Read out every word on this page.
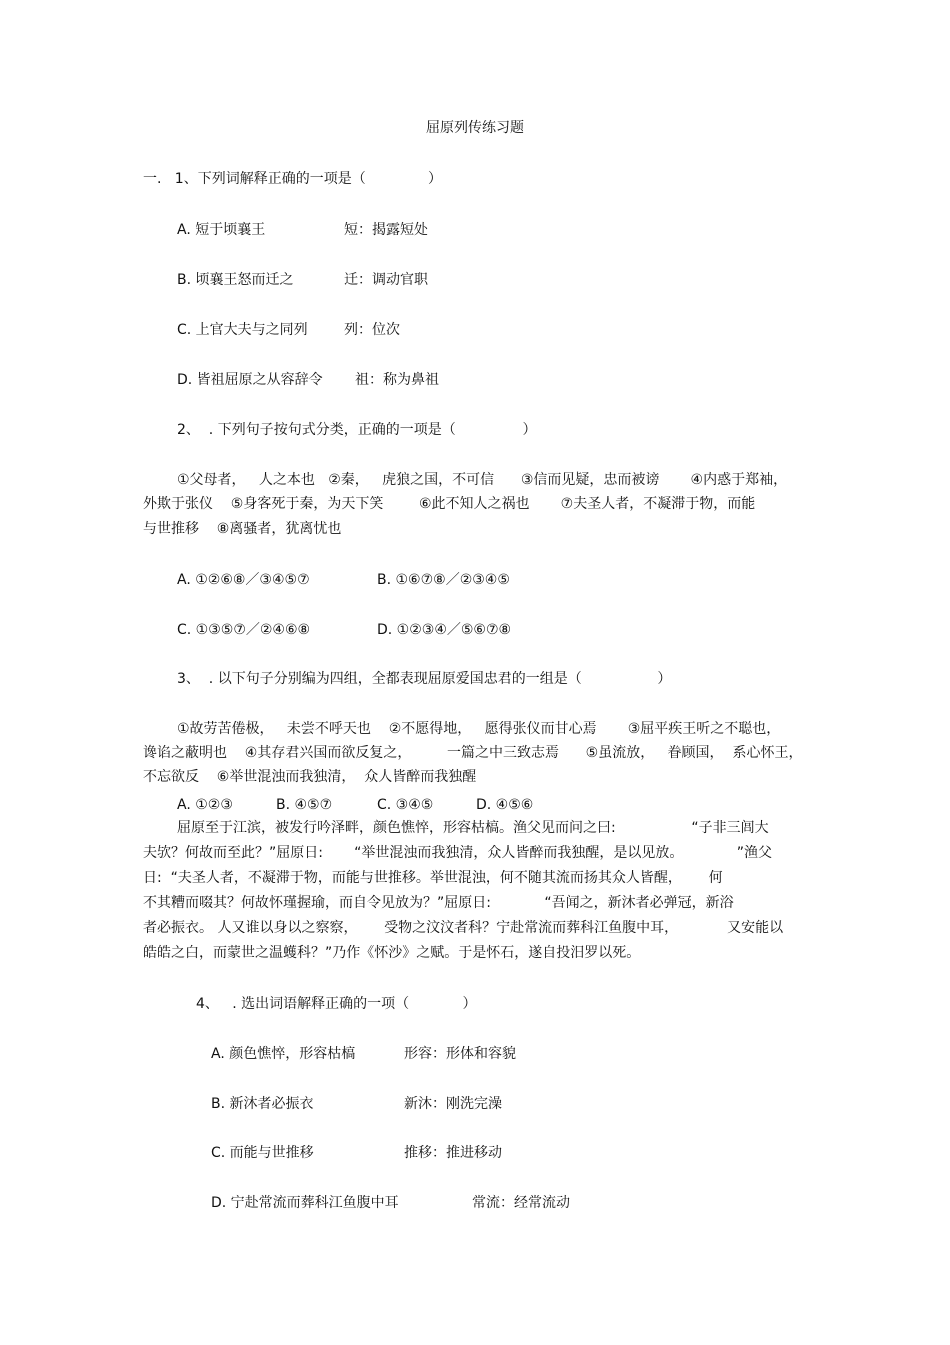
屈原列传练习题
一.   1、下列词解释正确的一项是（              ）
A. 短于顷襄王	短：揭露短处
B. 顷襄王怒而迁之	迁：调动官职
C. 上官大夫与之同列	列：位次
D. 皆祖屈原之从容辞令 祖：称为鼻祖
2、  . 下列句子按句式分类，正确的一项是（               ）
①父母者，   人之本也   ②秦，   虎狼之国，不可信      ③信而见疑，忠而被谤       ④内惑于郑袖，
外欺于张仪    ⑤身客死于秦，为天下笑        ⑥此不知人之祸也       ⑦夫圣人者，不凝滞于物，而能
与世推移    ⑧离骚者，犹离忧也
A. ①②⑥⑧／③④⑤⑦	B. ①⑥⑦⑧／②③④⑤
C. ①③⑤⑦／②④⑥⑧	D. ①②③④／⑤⑥⑦⑧
3、  . 以下句子分别编为四组，全都表现屈原爱国忠君的一组是（                 ）
①故劳苦倦极，   未尝不呼天也    ②不愿得地，   愿得张仪而甘心焉       ③屈平疾王听之不聪也，
谗谄之蔽明也    ④其存君兴国而欲反复之，        一篇之中三致志焉      ⑤虽流放，   眷顾国，  系心怀王，
不忘欲反    ⑥举世混浊而我独清，  众人皆醉而我独醒
A. ①②③	B. ④⑤⑦	C. ③④⑤	D. ④⑤⑥
屈原至于江滨，被发行吟泽畔，颜色憔悴，形容枯槁。渔父见而问之曰:                 “子非三闾大
夫欤？何故而至此？”屈原日:       “举世混浊而我独清，众人皆醉而我独醒，是以见放。            ”渔父
日:  “夫圣人者，不凝滞于物，而能与世推移。举世混浊，何不随其流而扬其众人皆醒，      何
不其糟而啜其？何故怀瑾握瑜，而自令见放为？”屈原日:            “吾闻之，新沐者必弹冠，新浴
者必振衣。 人又谁以身以之察察，      受物之汶汶者科？宁赴常流而葬科江鱼腹中耳，           又安能以
皓皓之白，而蒙世之温蠖科？”乃作《怀沙》之赋。于是怀石，遂自投汨罗以死。
4、   . 选出词语解释正确的一项（            ）
A. 颜色憔悴，形容枯槁	形容：形体和容貌
B. 新沐者必振衣	新沐：刚洗完澡
C. 而能与世推移	推移：推进移动
D. 宁赴常流而葬科江鱼腹中耳	常流：经常流动
